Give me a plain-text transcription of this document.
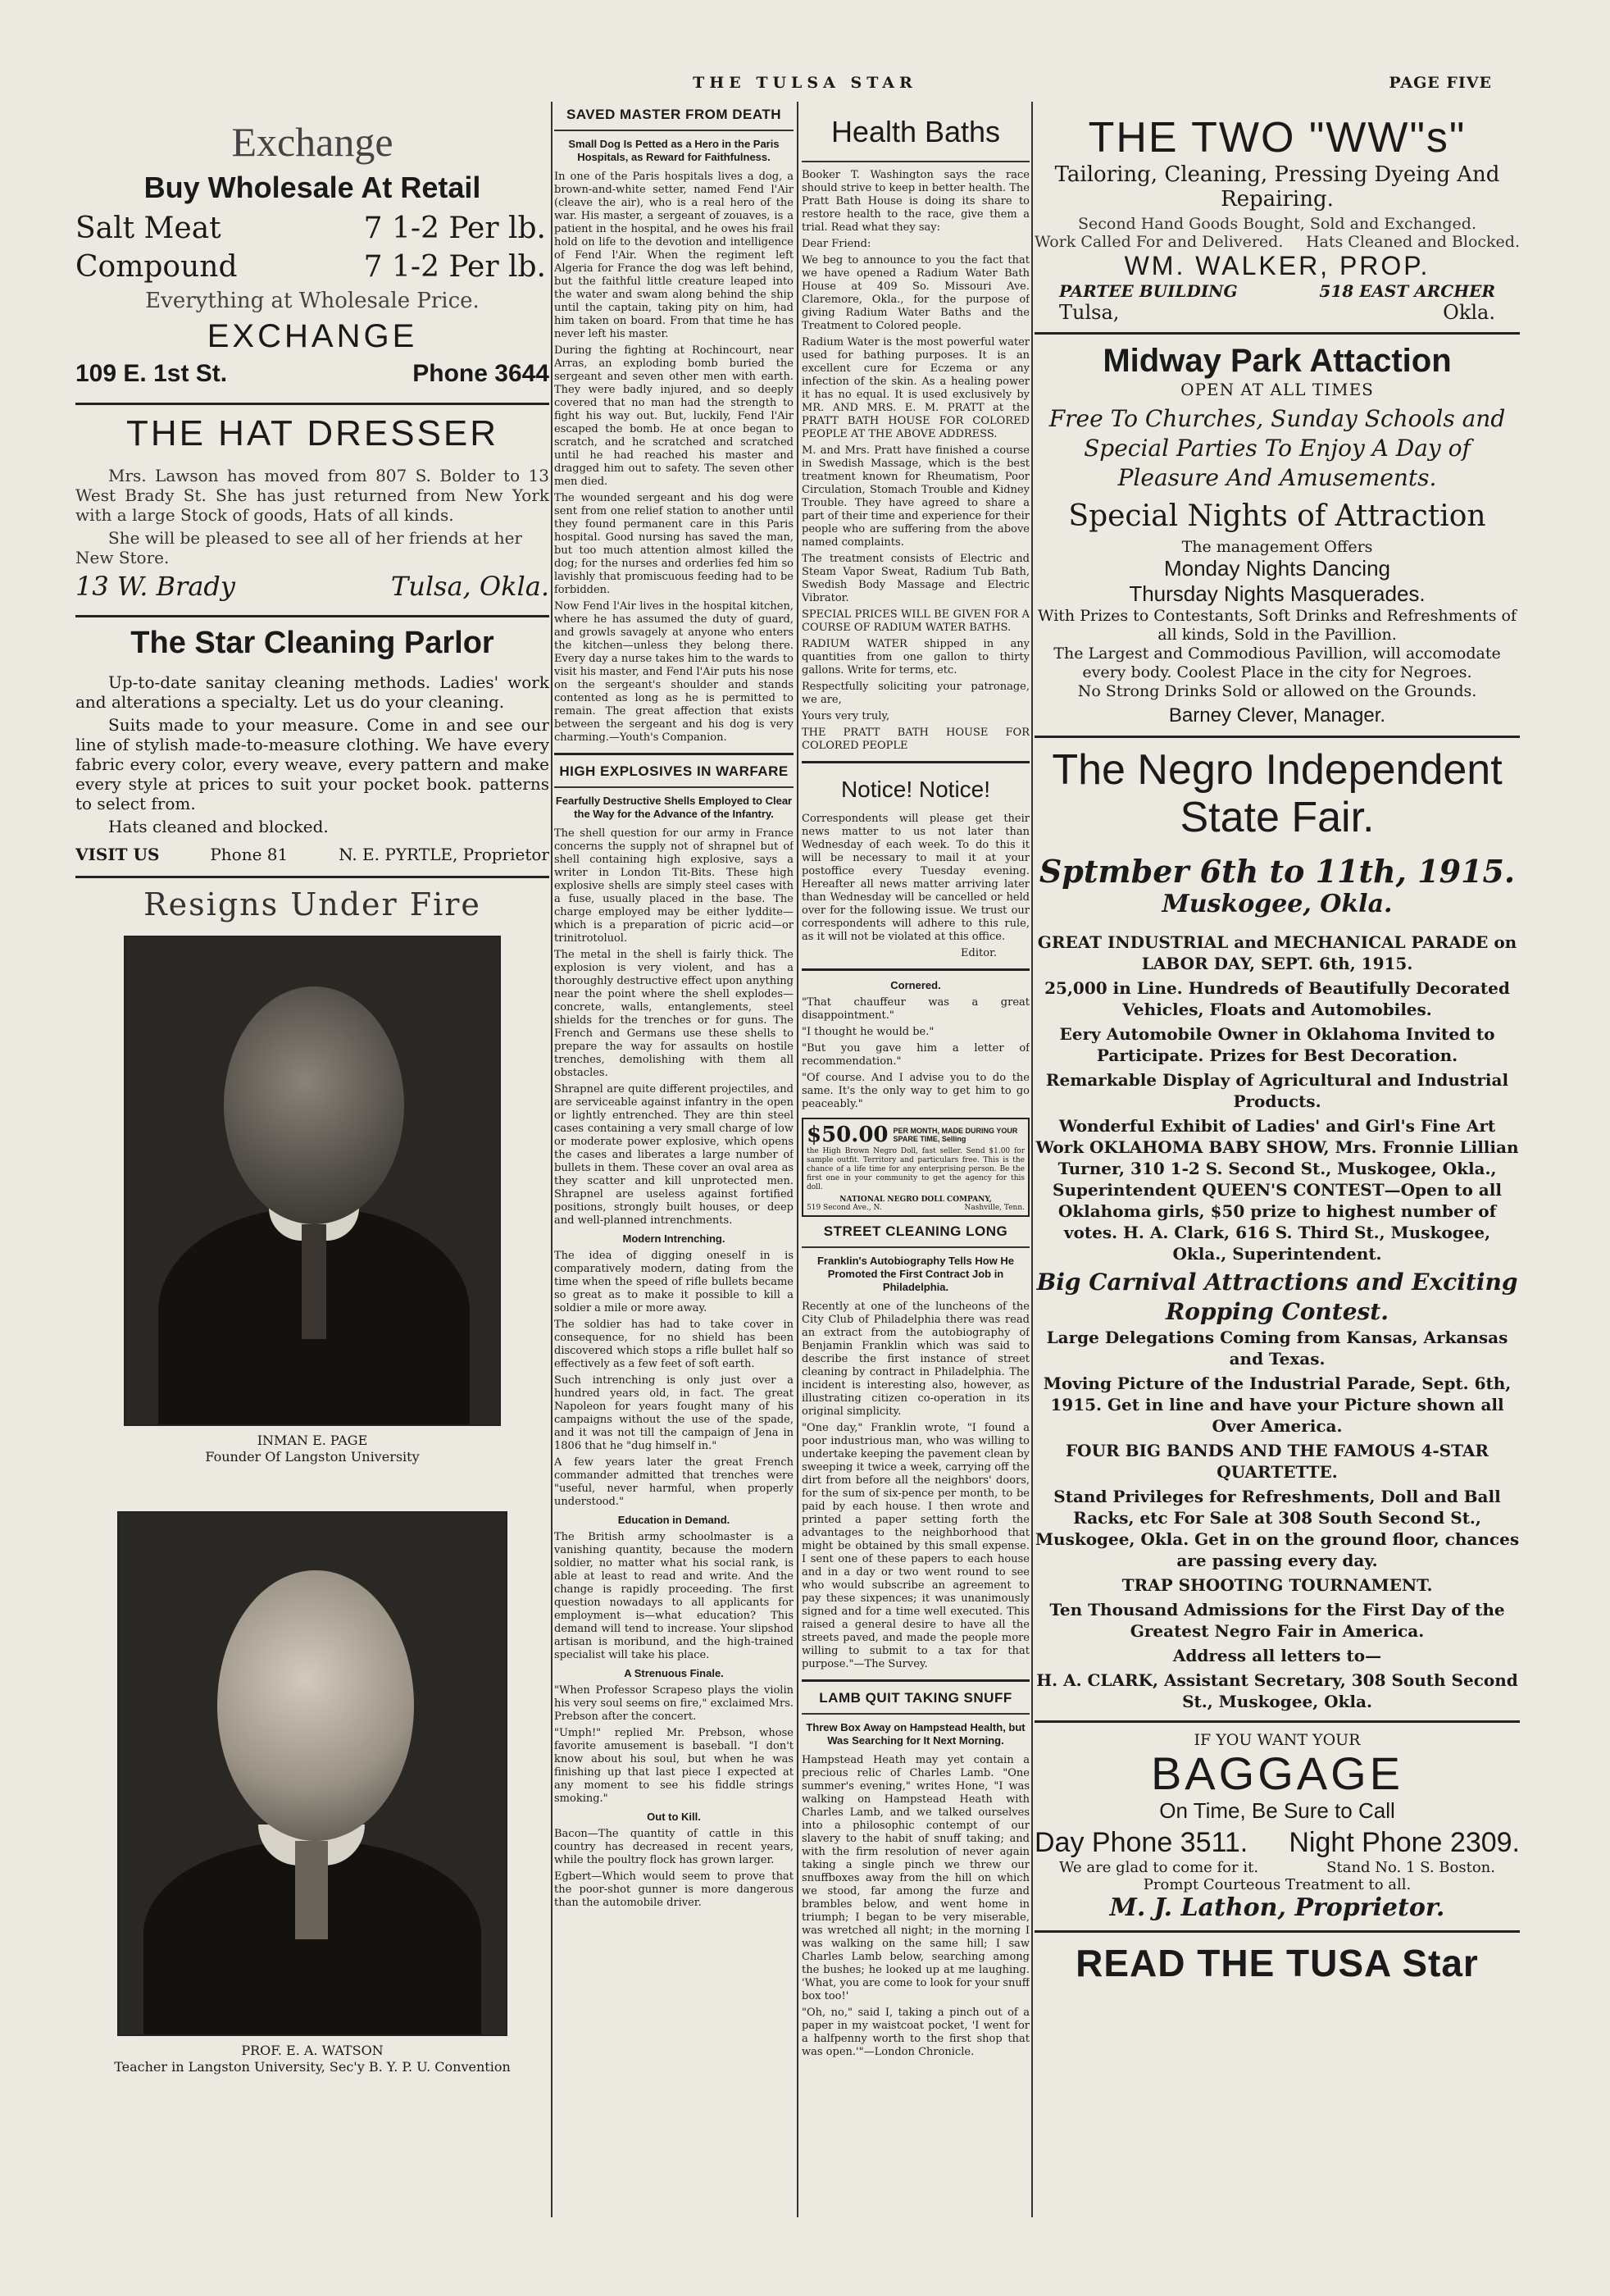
THE TULSA STAR	PAGE FIVE
Exchange
Buy Wholesale At Retail
Salt Meat	7 1-2 Per lb.
Compound	7 1-2 Per lb.
Everything at Wholesale Price.
EXCHANGE
109 E. 1st St.	Phone 3644
THE HAT DRESSER

Mrs. Lawson has moved from 807 S. Bolder to 13 West Brady St. She has just returned from New York with a large Stock of goods, Hats of all kinds.

She will be pleased to see all of her friends at her New Store.

13 W. Brady	Tulsa, Okla.
The Star Cleaning Parlor

Up-to-date sanitay cleaning methods. Ladies' work and alterations a specialty. Let us do your cleaning.

Suits made to your measure. Come in and see our line of stylish made-to-measure clothing. We have every fabric every color, every weave, every pattern and make every style at prices to suit your pocket book. patterns to select from.

Hats cleaned and blocked.

VISIT US	Phone 81	N. E. PYRTLE, Proprietor
Resigns Under Fire
INMAN E. PAGE
Founder Of Langston University
PROF. E. A. WATSON
Teacher in Langston University, Sec'y B. Y. P. U. Convention
SAVED MASTER FROM DEATH
Small Dog Is Petted as a Hero in the Paris Hospitals, as Reward for Faithfulness.

In one of the Paris hospitals lives a dog, a brown-and-white setter, named Fend l'Air (cleave the air), who is a real hero of the war. His master, a sergeant of zouaves, is a patient in the hospital, and he owes his frail hold on life to the devotion and intelligence of Fend l'Air. When the regiment left Algeria for France the dog was left behind, but the faithful little creature leaped into the water and swam along behind the ship until the captain, taking pity on him, had him taken on board. From that time he has never left his master.

During the fighting at Rochincourt, near Arras, an exploding bomb buried the sergeant and seven other men with earth. They were badly injured, and so deeply covered that no man had the strength to fight his way out. But, luckily, Fend l'Air escaped the bomb. He at once began to scratch, and he scratched and scratched until he had reached his master and dragged him out to safety. The seven other men died.

The wounded sergeant and his dog were sent from one relief station to another until they found permanent care in this Paris hospital. Good nursing has saved the man, but too much attention almost killed the dog; for the nurses and orderlies fed him so lavishly that promiscuous feeding had to be forbidden.

Now Fend l'Air lives in the hospital kitchen, where he has assumed the duty of guard, and growls savagely at anyone who enters the kitchen—unless they belong there. Every day a nurse takes him to the wards to visit his master, and Fend l'Air puts his nose on the sergeant's shoulder and stands contented as long as he is permitted to remain. The great affection that exists between the sergeant and his dog is very charming.—Youth's Companion.

HIGH EXPLOSIVES IN WARFARE
Fearfully Destructive Shells Employed to Clear the Way for the Advance of the Infantry.

The shell question for our army in France concerns the supply not of shrapnel but of shell containing high explosive, says a writer in London Tit-Bits. These high explosive shells are simply steel cases with a fuse, usually placed in the base. The charge employed may be either lyddite—which is a preparation of picric acid—or trinitrotoluol.

The metal in the shell is fairly thick. The explosion is very violent, and has a thoroughly destructive effect upon anything near the point where the shell explodes—concrete, walls, entanglements, steel shields for the trenches or for guns. The French and Germans use these shells to prepare the way for assaults on hostile trenches, demolishing with them all obstacles.

Shrapnel are quite different projectiles, and are serviceable against infantry in the open or lightly entrenched. They are thin steel cases containing a very small charge of low or moderate power explosive, which opens the cases and liberates a large number of bullets in them. These cover an oval area as they scatter and kill unprotected men. Shrapnel are useless against fortified positions, strongly built houses, or deep and well-planned intrenchments.

Modern Intrenching.

The idea of digging oneself in is comparatively modern, dating from the time when the speed of rifle bullets became so great as to make it possible to kill a soldier a mile or more away.

The soldier has had to take cover in consequence, for no shield has been discovered which stops a rifle bullet half so effectively as a few feet of soft earth.

Such intrenching is only just over a hundred years old, in fact. The great Napoleon for years fought many of his campaigns without the use of the spade, and it was not till the campaign of Jena in 1806 that he "dug himself in."

A few years later the great French commander admitted that trenches were "useful, never harmful, when properly understood."

Education in Demand.

The British army schoolmaster is a vanishing quantity, because the modern soldier, no matter what his social rank, is able at least to read and write. And the change is rapidly proceeding. The first question nowadays to all applicants for employment is—what education? This demand will tend to increase. Your slipshod artisan is moribund, and the high-trained specialist will take his place.

A Strenuous Finale.

"When Professor Scrapeso plays the violin his very soul seems on fire," exclaimed Mrs. Prebson after the concert.

"Umph!" replied Mr. Prebson, whose favorite amusement is baseball. "I don't know about his soul, but when he was finishing up that last piece I expected at any moment to see his fiddle strings smoking."

Out to Kill.

Bacon—The quantity of cattle in this country has decreased in recent years, while the poultry flock has grown larger.

Egbert—Which would seem to prove that the poor-shot gunner is more dangerous than the automobile driver.

Health Baths

Booker T. Washington says the race should strive to keep in better health. The Pratt Bath House is doing its share to restore health to the race, give them a trial. Read what they say:

Dear Friend:

We beg to announce to you the fact that we have opened a Radium Water Bath House at 409 So. Missouri Ave. Claremore, Okla., for the purpose of giving Radium Water Baths and the Treatment to Colored people.

Radium Water is the most powerful water used for bathing purposes. It is an excellent cure for Eczema or any infection of the skin. As a healing power it has no equal. It is used exclusively by MR. AND MRS. E. M. PRATT at the PRATT BATH HOUSE FOR COLORED PEOPLE AT THE ABOVE ADDRESS.

M. and Mrs. Pratt have finished a course in Swedish Massage, which is the best treatment known for Rheumatism, Poor Circulation, Stomach Trouble and Kidney Trouble. They have agreed to share a part of their time and experience for their people who are suffering from the above named complaints.

The treatment consists of Electric and Steam Vapor Sweat, Radium Tub Bath, Swedish Body Massage and Electric Vibrator.

SPECIAL PRICES WILL BE GIVEN FOR A COURSE OF RADIUM WATER BATHS.

RADIUM WATER shipped in any quantities from one gallon to thirty gallons. Write for terms, etc.

Respectfully soliciting your patronage, we are,

Yours very truly,

THE PRATT BATH HOUSE FOR COLORED PEOPLE

Notice! Notice!

Correspondents will please get their news matter to us not later than Wednesday of each week. To do this it will be necessary to mail it at your postoffice every Tuesday evening. Hereafter all news matter arriving later than Wednesday will be cancelled or held over for the following issue. We trust our correspondents will adhere to this rule, as it will not be violated at this office.

Editor.

Cornered.

"That chauffeur was a great disappointment."

"I thought he would be."

"But you gave him a letter of recommendation."

"Of course. And I advise you to do the same. It's the only way to get him to go peaceably."

$50.00 PER MONTH, MADE DURING YOUR SPARE TIME, Selling

the High Brown Negro Doll, fast seller. Send $1.00 for sample outfit. Territory and particulars free. This is the chance of a life time for any enterprising person. Be the first one in your community to get the agency for this doll.

NATIONAL NEGRO DOLL COMPANY,
519 Second Ave., N.	Nashville, Tenn.
STREET CLEANING LONG
Franklin's Autobiography Tells How He Promoted the First Contract Job in Philadelphia.

Recently at one of the luncheons of the City Club of Philadelphia there was read an extract from the autobiography of Benjamin Franklin which was said to describe the first instance of street cleaning by contract in Philadelphia. The incident is interesting also, however, as illustrating citizen co-operation in its original simplicity.

"One day," Franklin wrote, "I found a poor industrious man, who was willing to undertake keeping the pavement clean by sweeping it twice a week, carrying off the dirt from before all the neighbors' doors, for the sum of six-pence per month, to be paid by each house. I then wrote and printed a paper setting forth the advantages to the neighborhood that might be obtained by this small expense. I sent one of these papers to each house and in a day or two went round to see who would subscribe an agreement to pay these sixpences; it was unanimously signed and for a time well executed. This raised a general desire to have all the streets paved, and made the people more willing to submit to a tax for that purpose."—The Survey.

LAMB QUIT TAKING SNUFF
Threw Box Away on Hampstead Health, but Was Searching for It Next Morning.

Hampstead Heath may yet contain a precious relic of Charles Lamb. "One summer's evening," writes Hone, "I was walking on Hampstead Heath with Charles Lamb, and we talked ourselves into a philosophic contempt of our slavery to the habit of snuff taking; and with the firm resolution of never again taking a single pinch we threw our snuffboxes away from the hill on which we stood, far among the furze and brambles below, and went home in triumph; I began to be very miserable, was wretched all night; in the morning I was walking on the same hill; I saw Charles Lamb below, searching among the bushes; he looked up at me laughing. 'What, you are come to look for your snuff box too!'

"Oh, no," said I, taking a pinch out of a paper in my waistcoat pocket, 'I went for a halfpenny worth to the first shop that was open.'"—London Chronicle.

THE TWO "WW"s"
Tailoring, Cleaning, Pressing Dyeing And Repairing.
Second Hand Goods Bought, Sold and Exchanged.
Work Called For and Delivered. Hats Cleaned and Blocked.
WM. WALKER, PROP.
PARTEE BUILDING	518 EAST ARCHER
Tulsa,	Okla.
Midway Park Attaction
OPEN AT ALL TIMES
Free To Churches, Sunday Schools and Special Parties To Enjoy A Day of Pleasure And Amusements.
Special Nights of Attraction
The management Offers
Monday Nights Dancing
Thursday Nights Masquerades.
With Prizes to Contestants, Soft Drinks and Refreshments of all kinds, Sold in the Pavillion.
The Largest and Commodious Pavillion, will accomodate every body. Coolest Place in the city for Negroes.
No Strong Drinks Sold or allowed on the Grounds.
Barney Clever, Manager.
The Negro Independent
State Fair.
Sptmber 6th to 11th, 1915.
Muskogee, Okla.

GREAT INDUSTRIAL and MECHANICAL PARADE on LABOR DAY, SEPT. 6th, 1915.

25,000 in Line. Hundreds of Beautifully Decorated Vehicles, Floats and Automobiles.

Eery Automobile Owner in Oklahoma Invited to Participate. Prizes for Best Decoration.

Remarkable Display of Agricultural and Industrial Products.

Wonderful Exhibit of Ladies' and Girl's Fine Art Work OKLAHOMA BABY SHOW, Mrs. Fronnie Lillian Turner, 310 1-2 S. Second St., Muskogee, Okla., Superintendent QUEEN'S CONTEST—Open to all Oklahoma girls, $50 prize to highest number of votes. H. A. Clark, 616 S. Third St., Muskogee, Okla., Superintendent.

Big Carnival Attractions and Exciting Ropping Contest.

Large Delegations Coming from Kansas, Arkansas and Texas.

Moving Picture of the Industrial Parade, Sept. 6th, 1915. Get in line and have your Picture shown all Over America.

FOUR BIG BANDS AND THE FAMOUS 4-STAR QUARTETTE.

Stand Privileges for Refreshments, Doll and Ball Racks, etc For Sale at 308 South Second St., Muskogee, Okla. Get in on the ground floor, chances are passing every day.

TRAP SHOOTING TOURNAMENT.

Ten Thousand Admissions for the First Day of the Greatest Negro Fair in America.

Address all letters to—

H. A. CLARK, Assistant Secretary, 308 South Second St., Muskogee, Okla.

IF YOU WANT YOUR
BAGGAGE
On Time, Be Sure to Call
Day Phone 3511. Night Phone 2309.
We are glad to come for it.	Stand No. 1 S. Boston.
Prompt Courteous Treatment to all.
M. J. Lathon, Proprietor.
READ THE TUSA Star
